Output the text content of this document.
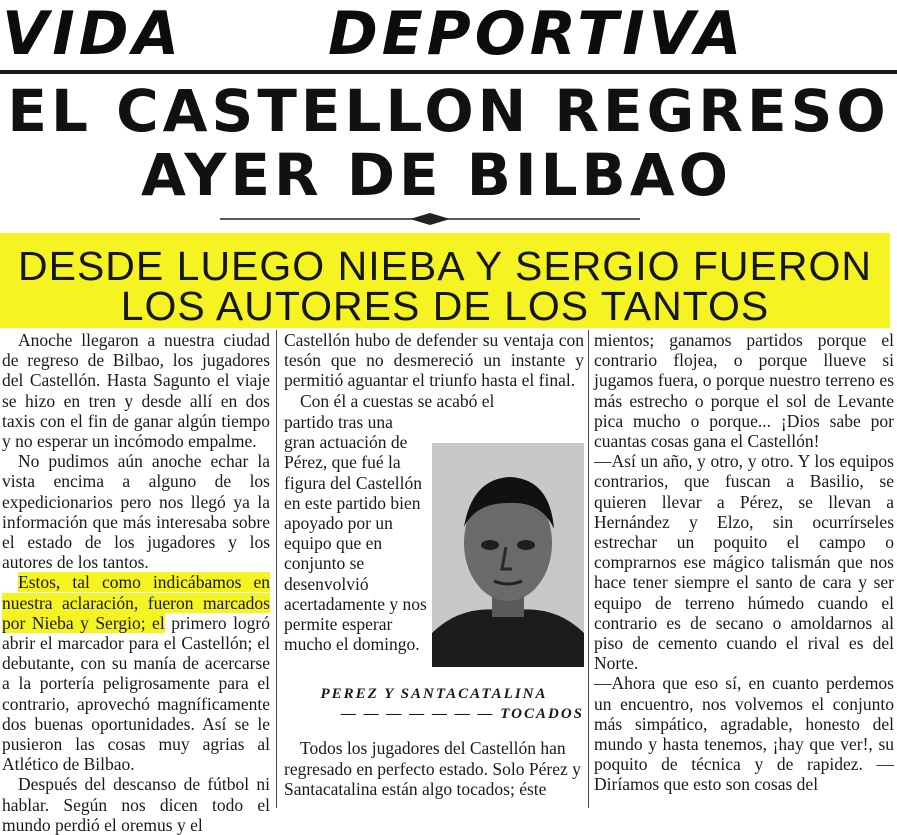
VIDA DEPORTIVA
EL CASTELLON REGRESO
AYER DE BILBAO
DESDE LUEGO NIEBA Y SERGIO FUERON
LOS AUTORES DE LOS TANTOS

Anoche llegaron a nuestra ciudad de regreso de Bilbao, los jugadores del Castellón. Hasta Sagunto el viaje se hizo en tren y desde allí en dos taxis con el fin de ganar algún tiempo y no esperar un incómodo empalme.

No pudimos aún anoche echar la vista encima a alguno de los expedicionarios pero nos llegó ya la información que más interesaba sobre el estado de los jugadores y los autores de los tantos.

Estos, tal como indicábamos en nuestra aclaración, fueron marcados por Nieba y Sergio; el primero logró abrir el marcador para el Castellón; el debutante, con su manía de acercarse a la portería peligrosamente para el contrario, aprovechó magníficamente dos buenas oportunidades. Así se le pusieron las cosas muy agrias al Atlético de Bilbao.

Después del descanso de fútbol ni hablar. Según nos dicen todo el mundo perdió el oremus y el

Castellón hubo de defender su ventaja con tesón que no desmereció un instante y permitió aguantar el triunfo hasta el final.

Con él a cuestas se acabó el

partido tras una gran actuación de Pérez, que fué la figura del Castellón en este partido bien apoyado por un equipo que en conjunto se desenvolvió acertadamente y nos permite esperar mucho el domingo.

PEREZ Y SANTACATALINA

— — — — — — — TOCADOS

Todos los jugadores del Castellón han regresado en perfecto estado. Solo Pérez y Santacatalina están algo tocados; éste

mientos; ganamos partidos porque el contrario flojea, o porque llueve si jugamos fuera, o porque nuestro terreno es más estrecho o porque el sol de Levante pica mucho o porque... ¡Dios sabe por cuantas cosas gana el Castellón!

—Así un año, y otro, y otro. Y los equipos contrarios, que fuscan a Basilio, se quieren llevar a Pérez, se llevan a Hernández y Elzo, sin ocurrírseles estrechar un poquito el campo o comprarnos ese mágico talismán que nos hace tener siempre el santo de cara y ser equipo de terreno húmedo cuando el contrario es de secano o amoldarnos al piso de cemento cuando el rival es del Norte.

—Ahora que eso sí, en cuanto perdemos un encuentro, nos volvemos el conjunto más simpático, agradable, honesto del mundo y hasta tenemos, ¡hay que ver!, su poquito de técnica y de rapidez. —Diríamos que esto son cosas del
